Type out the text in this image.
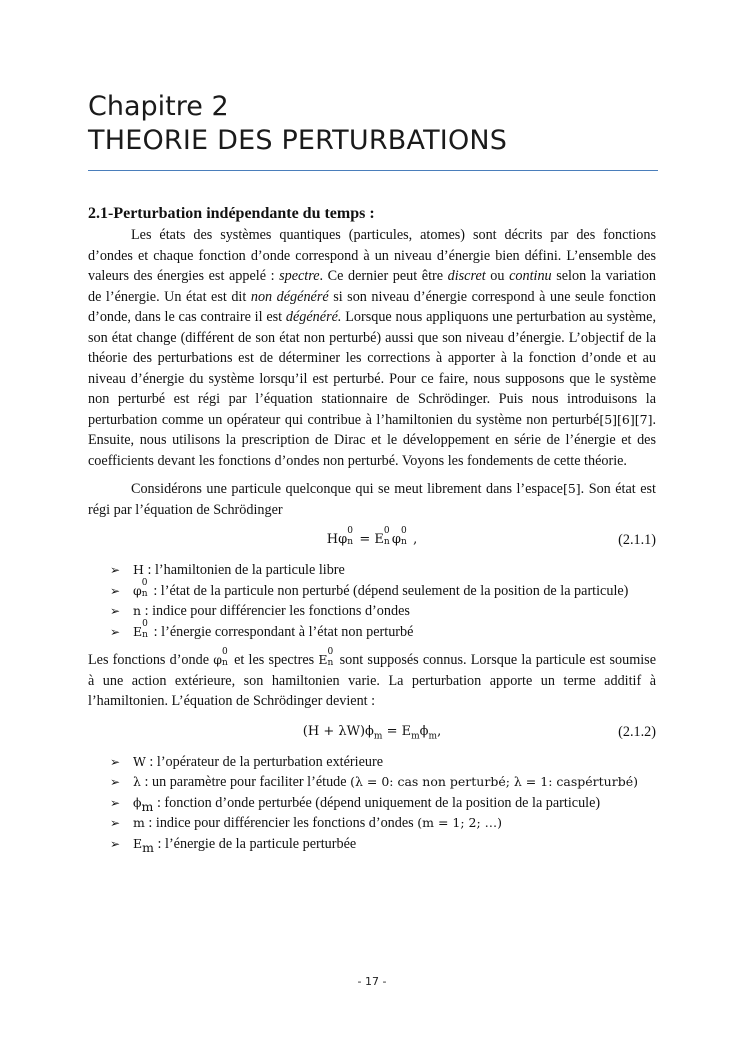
Chapitre 2
THEORIE DES PERTURBATIONS
2.1-Perturbation indépendante du temps :

Les états des systèmes quantiques (particules, atomes) sont décrits par des fonctions d’ondes et chaque fonction d’onde correspond à un niveau d’énergie bien défini. L’ensemble des valeurs des énergies est appelé : spectre. Ce dernier peut être discret ou continu selon la variation de l’énergie. Un état est dit non dégénéré si son niveau d’énergie correspond à une seule fonction d’onde, dans le cas contraire il est dégénéré. Lorsque nous appliquons une perturbation au système, son état change (différent de son état non perturbé) aussi que son niveau d’énergie. L’objectif de la théorie des perturbations est de déterminer les corrections à apporter à la fonction d’onde et au niveau d’énergie du système lorsqu’il est perturbé. Pour ce faire, nous supposons que le système non perturbé est régi par l’équation stationnaire de Schrödinger. Puis nous introduisons la perturbation comme un opérateur qui contribue à l’hamiltonien du système non perturbé[5][6][7]. Ensuite, nous utilisons la prescription de Dirac et le développement en série de l’énergie et des coefficients devant les fonctions d’ondes non perturbé. Voyons les fondements de cette théorie.

Considérons une particule quelconque qui se meut librement dans l’espace[5]. Son état est régi par l’équation de Schrödinger

Hφ
0
n = E
0
n φ
0
n ,	(2.1.1)
➢ H : l’hamiltonien de la particule libre
➢ φ 0
n : l’état de la particule non perturbé (dépend seulement de la position de la particule)
➢ n : indice pour différencier les fonctions d’ondes
➢ E 0
n : l’énergie correspondant à l’état non perturbé

Les fonctions d’onde φ 0
n et les spectres E 0
n sont supposés connus. Lorsque la particule est soumise à une action extérieure, son hamiltonien varie. La perturbation apporte un terme additif à l’hamiltonien. L’équation de Schrödinger devient :

$(H + \lambda W)\phi_m = E_m\phi_m$,	(2.1.2)
➢ W : l’opérateur de la perturbation extérieure
➢ λ : un paramètre pour faciliter l’étude (λ = 0: cas non perturbé; λ = 1: caspérturbé)
➢ $\phi_m$ : fonction d’onde perturbée (dépend uniquement de la position de la particule)
➢ m : indice pour différencier les fonctions d’ondes (m = 1; 2; …)
➢ $E_m$ : l’énergie de la particule perturbée
- 17 -
